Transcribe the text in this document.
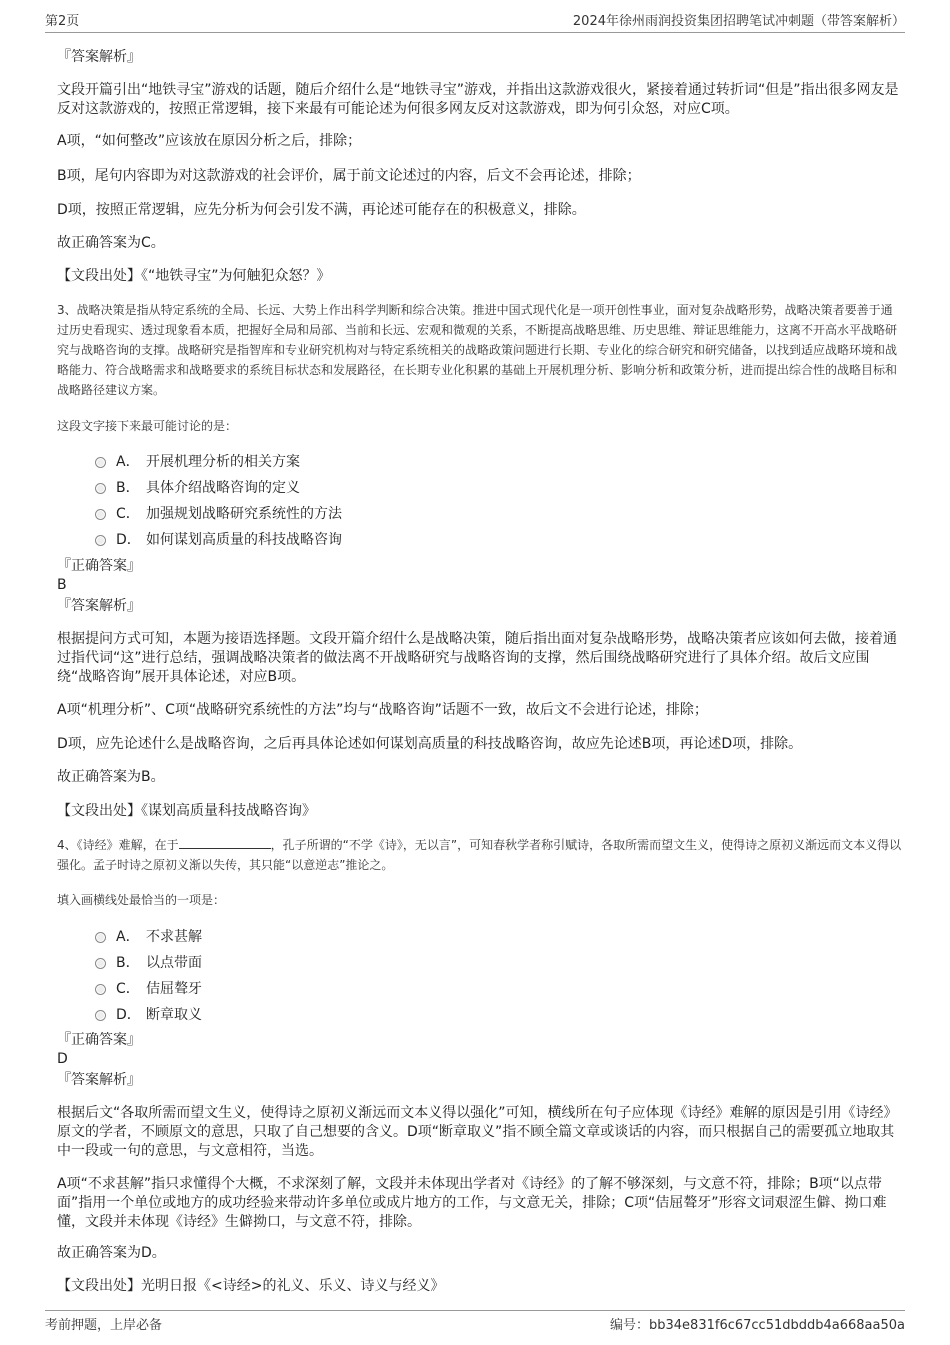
第2页	2024年徐州雨润投资集团招聘笔试冲刺题（带答案解析）
『答案解析』
文段开篇引出“地铁寻宝”游戏的话题，随后介绍什么是“地铁寻宝”游戏，并指出这款游戏很火，紧接着通过转折词“但是”指出很多网友是反对这款游戏的，按照正常逻辑，接下来最有可能论述为何很多网友反对这款游戏，即为何引众怒，对应C项。
A项，“如何整改”应该放在原因分析之后，排除；
B项，尾句内容即为对这款游戏的社会评价，属于前文论述过的内容，后文不会再论述，排除；
D项，按照正常逻辑，应先分析为何会引发不满，再论述可能存在的积极意义，排除。
故正确答案为C。
【文段出处】《“地铁寻宝”为何触犯众怒？》
3、战略决策是指从特定系统的全局、长远、大势上作出科学判断和综合决策。推进中国式现代化是一项开创性事业，面对复杂战略形势，战略决策者要善于通过历史看现实、透过现象看本质，把握好全局和局部、当前和长远、宏观和微观的关系，不断提高战略思维、历史思维、辩证思维能力，这离不开高水平战略研究与战略咨询的支撑。战略研究是指智库和专业研究机构对与特定系统相关的战略政策问题进行长期、专业化的综合研究和研究储备，以找到适应战略环境和战略能力、符合战略需求和战略要求的系统目标状态和发展路径，在长期专业化积累的基础上开展机理分析、影响分析和政策分析，进而提出综合性的战略目标和战略路径建议方案。
这段文字接下来最可能讨论的是：
A． 开展机理分析的相关方案
B． 具体介绍战略咨询的定义
C． 加强规划战略研究系统性的方法
D． 如何谋划高质量的科技战略咨询
『正确答案』
B
『答案解析』
根据提问方式可知，本题为接语选择题。文段开篇介绍什么是战略决策，随后指出面对复杂战略形势，战略决策者应该如何去做，接着通过指代词“这”进行总结，强调战略决策者的做法离不开战略研究与战略咨询的支撑，然后围绕战略研究进行了具体介绍。故后文应围绕“战略咨询”展开具体论述，对应B项。
A项“机理分析”、C项“战略研究系统性的方法”均与“战略咨询”话题不一致，故后文不会进行论述，排除；
D项，应先论述什么是战略咨询，之后再具体论述如何谋划高质量的科技战略咨询，故应先论述B项，再论述D项，排除。
故正确答案为B。
【文段出处】《谋划高质量科技战略咨询》
4、《诗经》难解，在于	，孔子所谓的“不学《诗》，无以言”，可知春秋学者称引赋诗，各取所需而望文生义，使得诗之原初义渐远而文本义得以强化。孟子时诗之原初义渐以失传，其只能“以意逆志”推论之。
填入画横线处最恰当的一项是：
A． 不求甚解
B． 以点带面
C． 佶屈聱牙
D． 断章取义
『正确答案』
D
『答案解析』
根据后文“各取所需而望文生义，使得诗之原初义渐远而文本义得以强化”可知，横线所在句子应体现《诗经》难解的原因是引用《诗经》原文的学者，不顾原文的意思，只取了自己想要的含义。D项“断章取义”指不顾全篇文章或谈话的内容，而只根据自己的需要孤立地取其中一段或一句的意思，与文意相符，当选。
A项“不求甚解”指只求懂得个大概，不求深刻了解，文段并未体现出学者对《诗经》的了解不够深刻，与文意不符，排除；B项“以点带面”指用一个单位或地方的成功经验来带动许多单位或成片地方的工作，与文意无关，排除；C项“佶屈聱牙”形容文词艰涩生僻、拗口难懂，文段并未体现《诗经》生僻拗口，与文意不符，排除。
故正确答案为D。
【文段出处】光明日报《<诗经>的礼义、乐义、诗义与经义》
考前押题，上岸必备	编号：bb34e831f6c67cc51dbddb4a668aa50a
